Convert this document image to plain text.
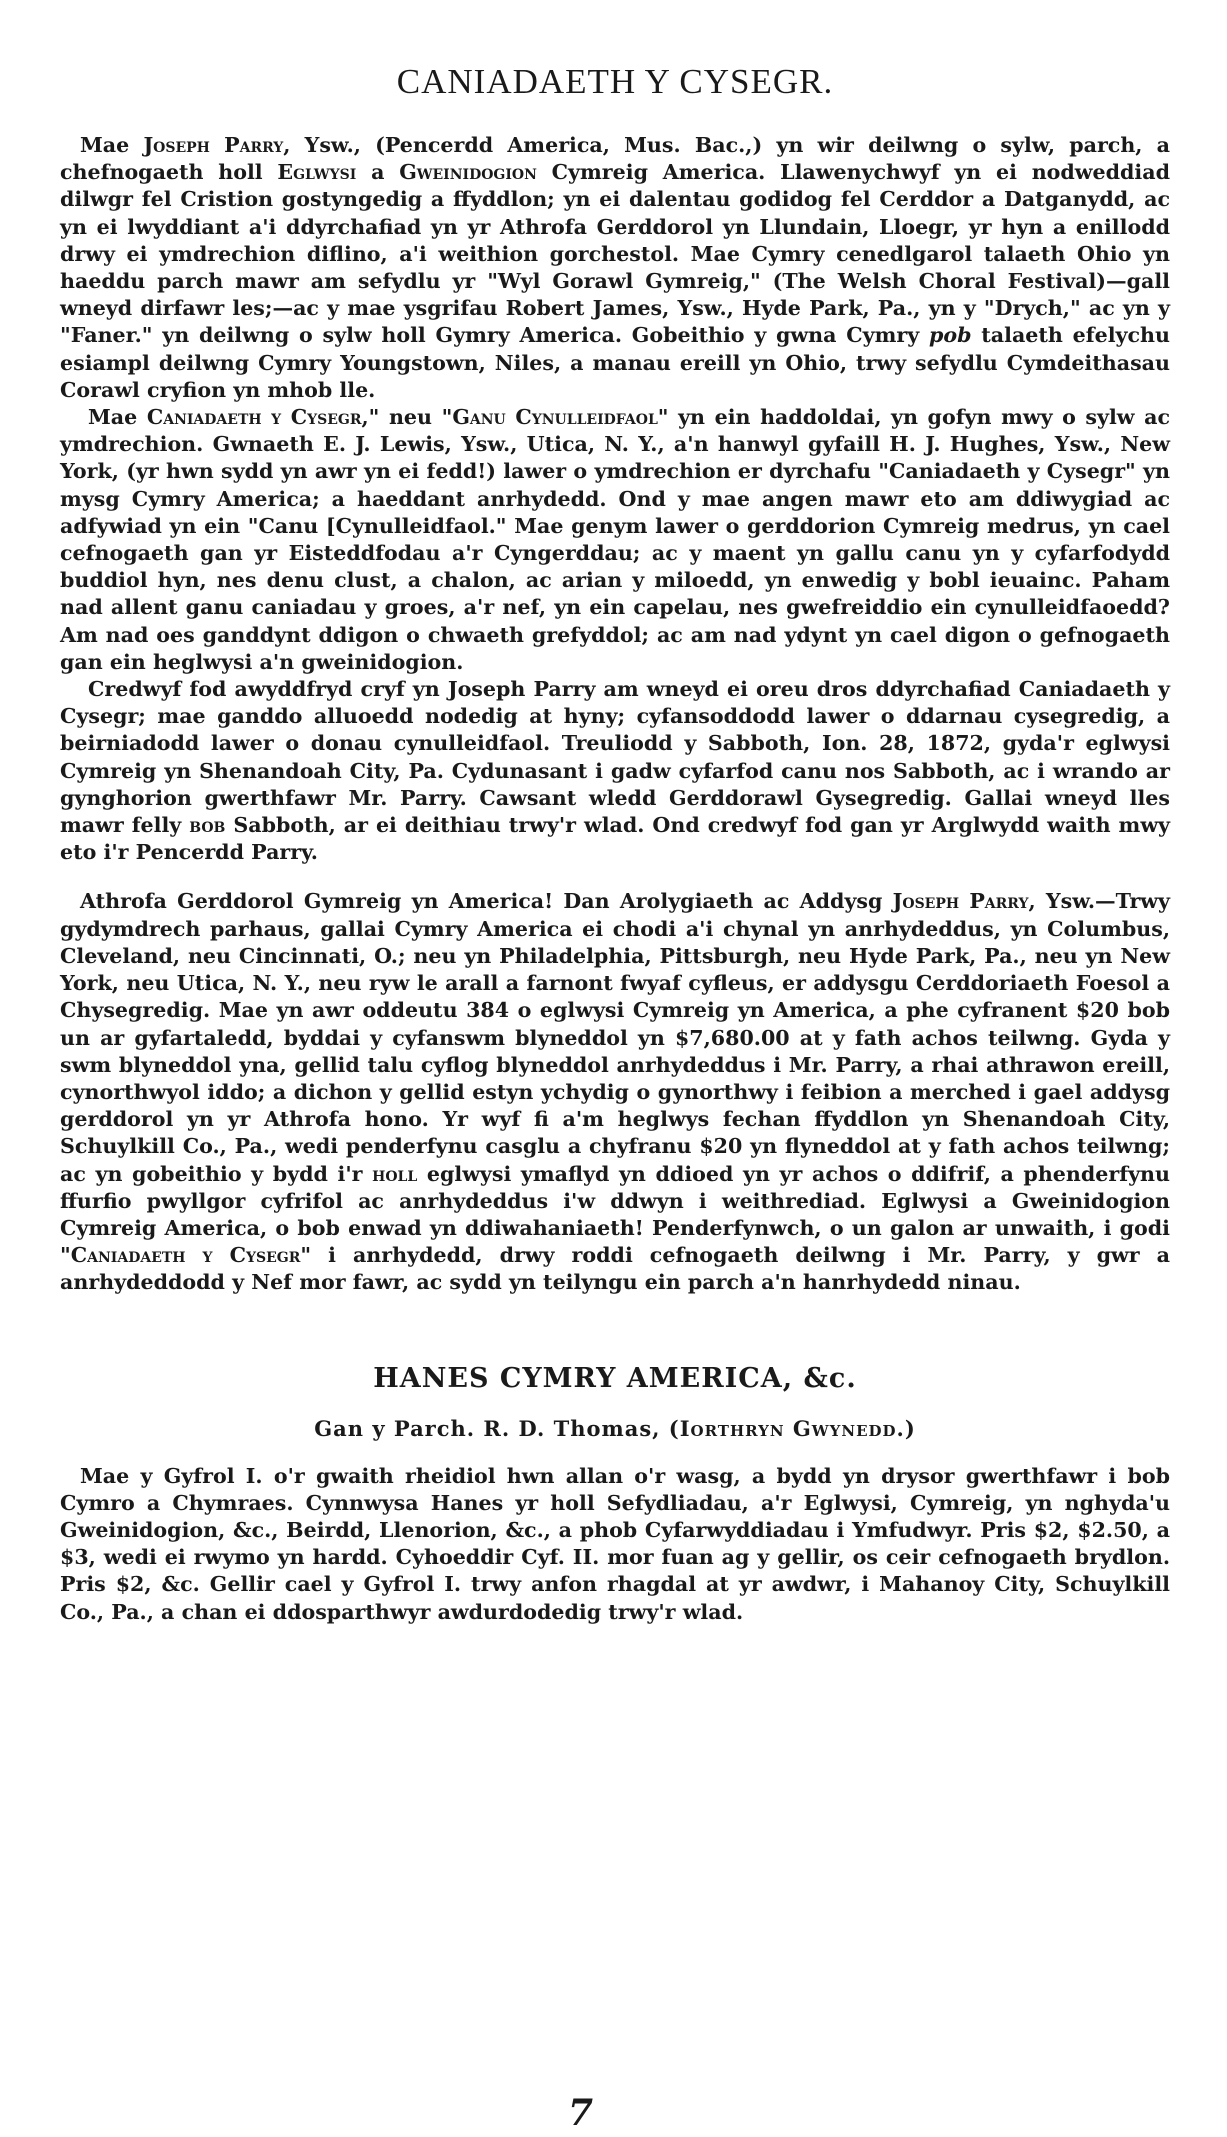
CANIADAETH Y CYSEGR.

Mae Joseph Parry, Ysw., (Pencerdd America, Mus. Bac.,) yn wir deilwng o sylw, parch, a chefnogaeth holl Eglwysi a Gweinidogion Cymreig America. Llawenychwyf yn ei nodweddiad dilwgr fel Cristion gostyngedig a ffyddlon; yn ei dalentau godidog fel Cerddor a Datganydd, ac yn ei lwyddiant a'i ddyrchafiad yn yr Athrofa Gerddorol yn Llundain, Lloegr, yr hyn a enillodd drwy ei ymdrechion diflino, a'i weithion gorchestol. Mae Cymry cenedlgarol talaeth Ohio yn haeddu parch mawr am sefydlu yr "Wyl Gorawl Gymreig," (The Welsh Choral Festival)—gall wneyd dirfawr les;—ac y mae ysgrifau Robert James, Ysw., Hyde Park, Pa., yn y "Drych," ac yn y "Faner." yn deilwng o sylw holl Gymry America. Gobeithio y gwna Cymry pob talaeth efelychu esiampl deilwng Cymry Youngstown, Niles, a manau ereill yn Ohio, trwy sefydlu Cymdeithasau Corawl cryfion yn mhob lle.

Mae Caniadaeth y Cysegr," neu "Ganu Cynulleidfaol" yn ein haddoldai, yn gofyn mwy o sylw ac ymdrechion. Gwnaeth E. J. Lewis, Ysw., Utica, N. Y., a'n hanwyl gyfaill H. J. Hughes, Ysw., New York, (yr hwn sydd yn awr yn ei fedd!) lawer o ymdrechion er dyrchafu "Caniadaeth y Cysegr" yn mysg Cymry America; a haeddant anrhydedd. Ond y mae angen mawr eto am ddiwygiad ac adfywiad yn ein "Canu [Cynulleidfaol." Mae genym lawer o gerddorion Cymreig medrus, yn cael cefnogaeth gan yr Eisteddfodau a'r Cyngerddau; ac y maent yn gallu canu yn y cyfarfodydd buddiol hyn, nes denu clust, a chalon, ac arian y miloedd, yn enwedig y bobl ieuainc. Paham nad allent ganu caniadau y groes, a'r nef, yn ein capelau, nes gwefreiddio ein cynulleidfaoedd? Am nad oes ganddynt ddigon o chwaeth grefyddol; ac am nad ydynt yn cael digon o gefnogaeth gan ein heglwysi a'n gweinidogion.

Credwyf fod awyddfryd cryf yn Joseph Parry am wneyd ei oreu dros ddyrchafiad Caniadaeth y Cysegr; mae ganddo alluoedd nodedig at hyny; cyfansoddodd lawer o ddarnau cysegredig, a beirniadodd lawer o donau cynulleidfaol. Treuliodd y Sabboth, Ion. 28, 1872, gyda'r eglwysi Cymreig yn Shenandoah City, Pa. Cydunasant i gadw cyfarfod canu nos Sabboth, ac i wrando ar gynghorion gwerthfawr Mr. Parry. Cawsant wledd Gerddorawl Gysegredig. Gallai wneyd lles mawr felly bob Sabboth, ar ei deithiau trwy'r wlad. Ond credwyf fod gan yr Arglwydd waith mwy eto i'r Pencerdd Parry.

Athrofa Gerddorol Gymreig yn America! Dan Arolygiaeth ac Addysg Joseph Parry, Ysw.—Trwy gydymdrech parhaus, gallai Cymry America ei chodi a'i chynal yn anrhydeddus, yn Columbus, Cleveland, neu Cincinnati, O.; neu yn Philadelphia, Pittsburgh, neu Hyde Park, Pa., neu yn New York, neu Utica, N. Y., neu ryw le arall a farnont fwyaf cyfleus, er addysgu Cerddoriaeth Foesol a Chysegredig. Mae yn awr oddeutu 384 o eglwysi Cymreig yn America, a phe cyfranent $20 bob un ar gyfartaledd, byddai y cyfanswm blyneddol yn $7,680.00 at y fath achos teilwng. Gyda y swm blyneddol yna, gellid talu cyflog blyneddol anrhydeddus i Mr. Parry, a rhai athrawon ereill, cynorthwyol iddo; a dichon y gellid estyn ychydig o gynorthwy i feibion a merched i gael addysg gerddorol yn yr Athrofa hono. Yr wyf fi a'm heglwys fechan ffyddlon yn Shenandoah City, Schuylkill Co., Pa., wedi penderfynu casglu a chyfranu $20 yn flyneddol at y fath achos teilwng; ac yn gobeithio y bydd i'r holl eglwysi ymaflyd yn ddioed yn yr achos o ddifrif, a phenderfynu ffurfio pwyllgor cyfrifol ac anrhydeddus i'w ddwyn i weithrediad. Eglwysi a Gweinidogion Cymreig America, o bob enwad yn ddiwahaniaeth! Penderfynwch, o un galon ar unwaith, i godi "Caniadaeth y Cysegr" i anrhydedd, drwy roddi cefnogaeth deilwng i Mr. Parry, y gwr a anrhydeddodd y Nef mor fawr, ac sydd yn teilyngu ein parch a'n hanrhydedd ninau.

HANES CYMRY AMERICA, &c.
Gan y Parch. R. D. Thomas, (Iorthryn Gwynedd.)

Mae y Gyfrol I. o'r gwaith rheidiol hwn allan o'r wasg, a bydd yn drysor gwerthfawr i bob Cymro a Chymraes. Cynnwysa Hanes yr holl Sefydliadau, a'r Eglwysi, Cymreig, yn nghyda'u Gweinidogion, &c., Beirdd, Llenorion, &c., a phob Cyfarwyddiadau i Ymfudwyr. Pris $2, $2.50, a $3, wedi ei rwymo yn hardd. Cyhoeddir Cyf. II. mor fuan ag y gellir, os ceir cefnogaeth brydlon. Pris $2, &c. Gellir cael y Gyfrol I. trwy anfon rhagdal at yr awdwr, i Mahanoy City, Schuylkill Co., Pa., a chan ei ddosparthwyr awdurdodedig trwy'r wlad.

7
